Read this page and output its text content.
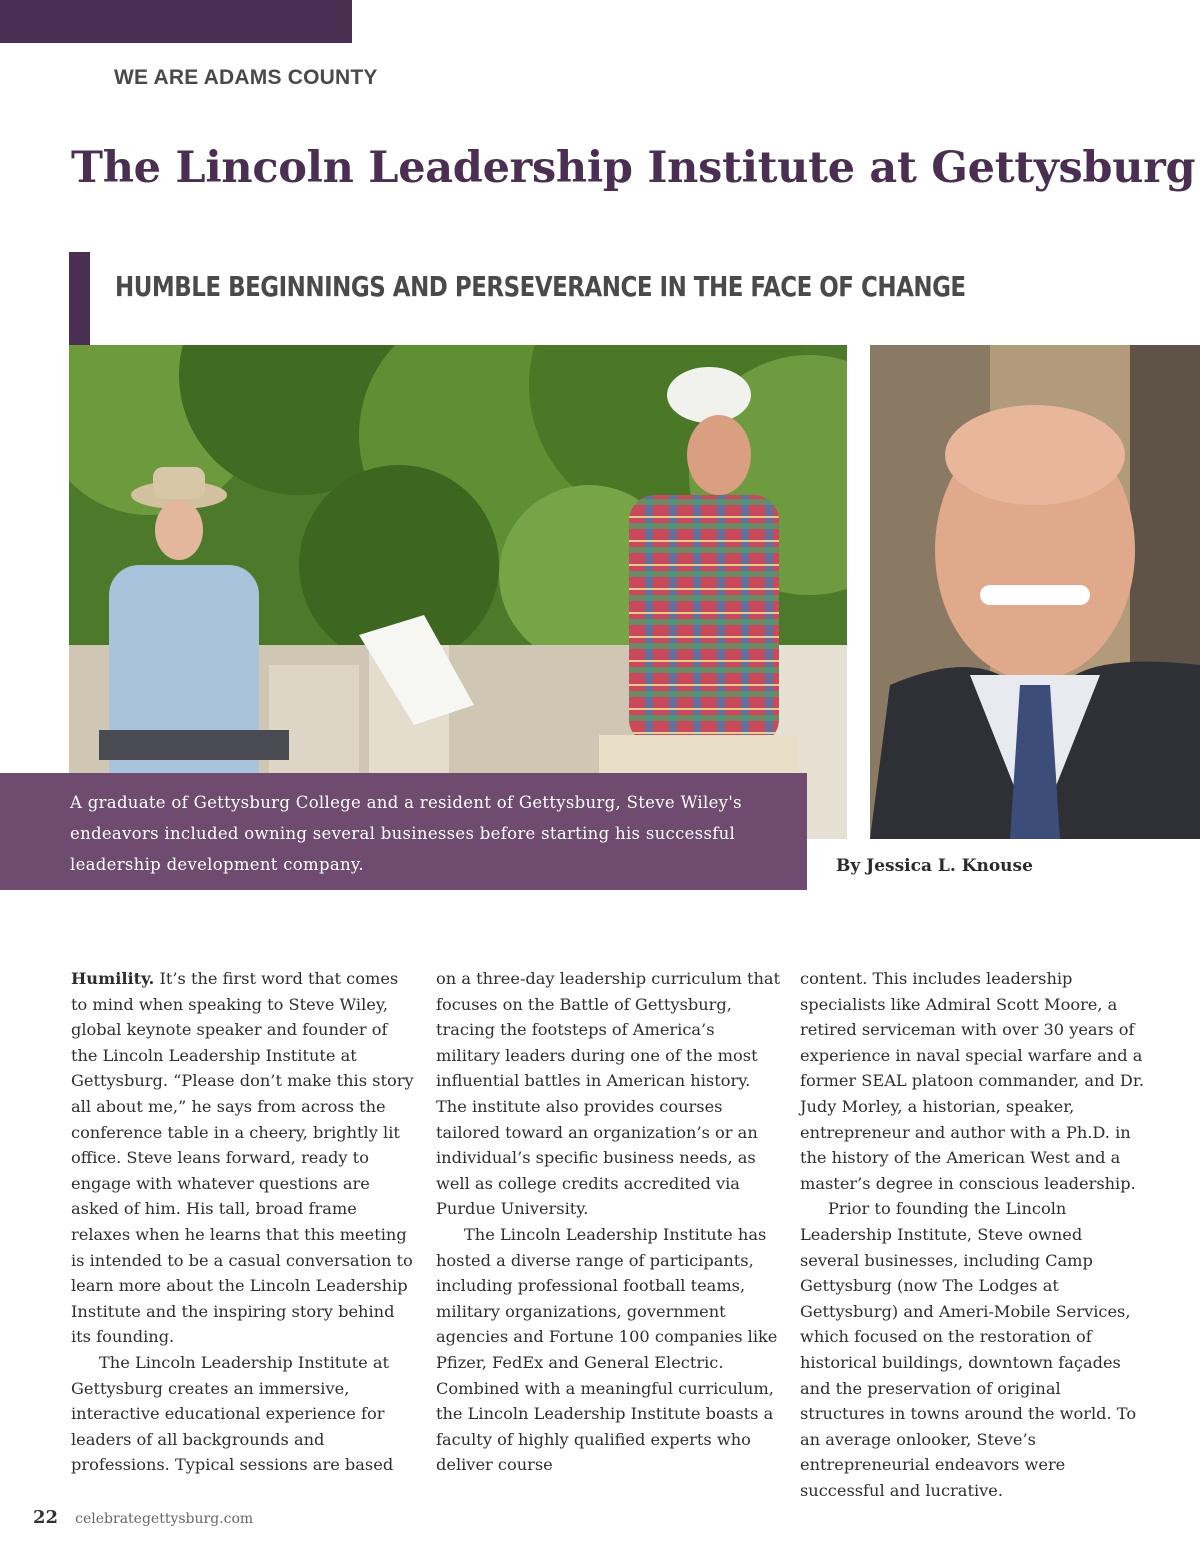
WE ARE ADAMS COUNTY
The Lincoln Leadership Institute at Gettysburg
HUMBLE BEGINNINGS AND PERSEVERANCE IN THE FACE OF CHANGE
A graduate of Gettysburg College and a resident of Gettysburg, Steve Wiley's endeavors included owning several businesses before starting his successful leadership development company.	By Jessica L. Knouse

Humility. It’s the first word that comes to mind when speaking to Steve Wiley, global keynote speaker and founder of the Lincoln Leadership Institute at Gettysburg. “Please don’t make this story all about me,” he says from across the conference table in a cheery, brightly lit office. Steve leans forward, ready to engage with whatever questions are asked of him. His tall, broad frame relaxes when he learns that this meeting is intended to be a casual conversation to learn more about the Lincoln Leadership Institute and the inspiring story behind its founding.

The Lincoln Leadership Institute at Gettysburg creates an immersive, interactive educational experience for leaders of all backgrounds and professions. Typical sessions are based

on a three-day leadership curriculum that focuses on the Battle of Gettysburg, tracing the footsteps of America’s military leaders during one of the most influential battles in American history. The institute also provides courses tailored toward an organization’s or an individual’s specific business needs, as well as college credits accredited via Purdue University.

The Lincoln Leadership Institute has hosted a diverse range of participants, including professional football teams, military organizations, government agencies and Fortune 100 companies like Pfizer, FedEx and General Electric. Combined with a meaningful curriculum, the Lincoln Leadership Institute boasts a faculty of highly qualified experts who deliver course

content. This includes leadership specialists like Admiral Scott Moore, a retired serviceman with over 30 years of experience in naval special warfare and a former SEAL platoon commander, and Dr. Judy Morley, a historian, speaker, entrepreneur and author with a Ph.D. in the history of the American West and a master’s degree in conscious leadership.

Prior to founding the Lincoln Leadership Institute, Steve owned several businesses, including Camp Gettysburg (now The Lodges at Gettysburg) and Ameri-Mobile Services, which focused on the restoration of historical buildings, downtown façades and the preservation of original structures in towns around the world. To an average onlooker, Steve’s entrepreneurial endeavors were successful and lucrative.

22 celebrategettysburg.com
